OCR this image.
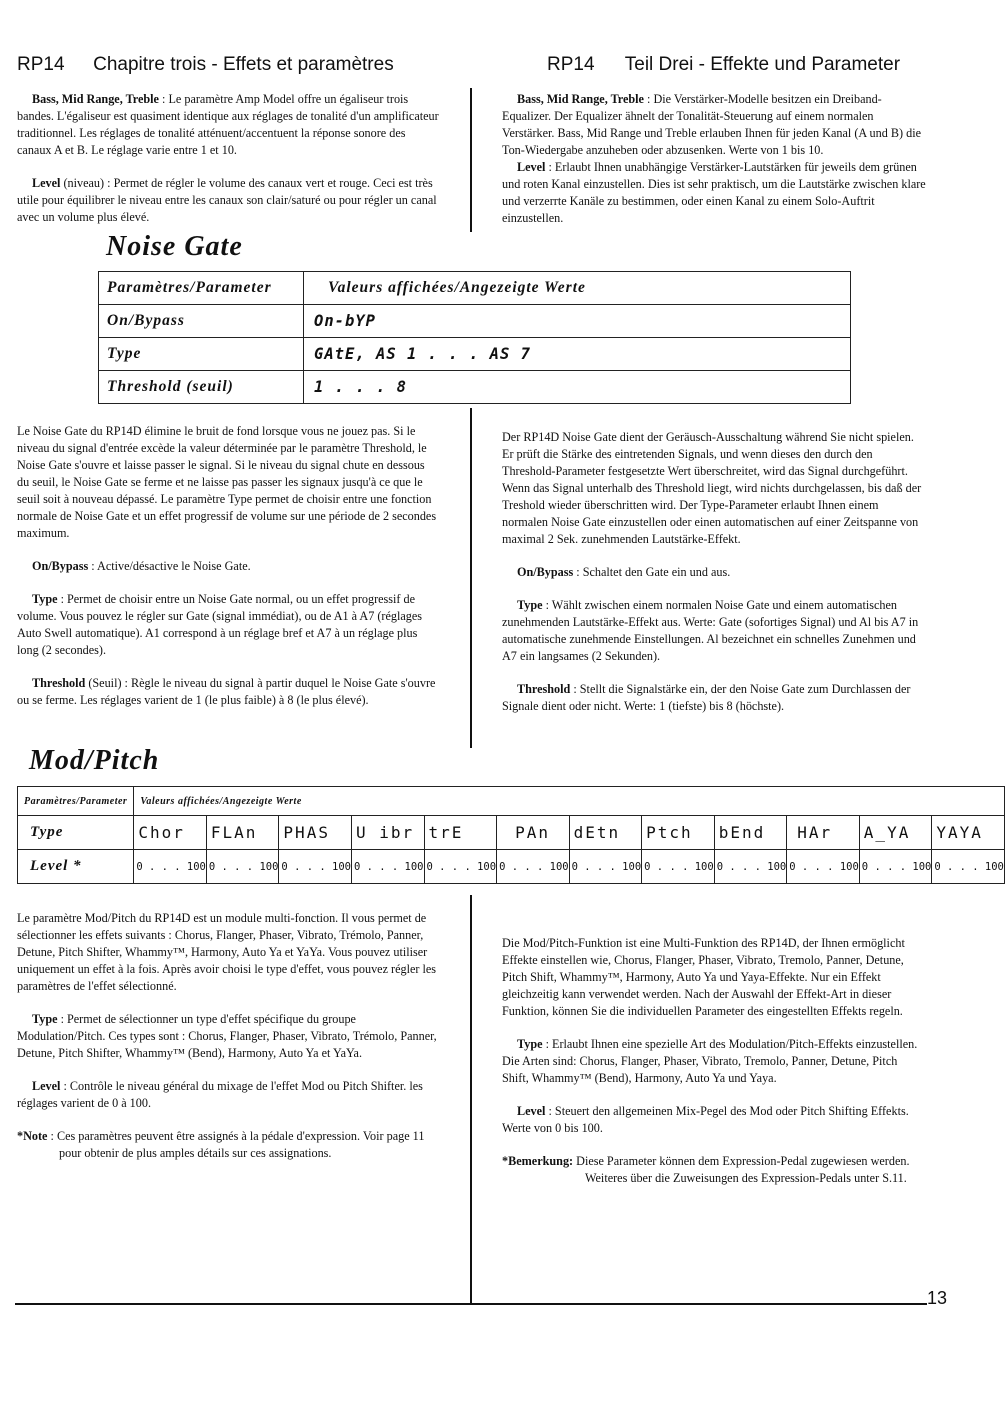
RP14 Chapitre trois - Effets et paramètres	RP14 Teil Drei - Effekte und Parameter

Bass, Mid Range, Treble : Le paramètre Amp Model offre un égaliseur trois bandes. L'égaliseur est quasiment identique aux réglages de tonalité d'un amplificateur traditionnel. Les réglages de tonalité atténuent/accentuent la réponse sonore des canaux A et B. Le réglage varie entre 1 et 10.

Level (niveau) : Permet de régler le volume des canaux vert et rouge. Ceci est très utile pour équilibrer le niveau entre les canaux son clair/saturé ou pour régler un canal avec un volume plus élevé.

Bass, Mid Range, Treble : Die Verstärker-Modelle besitzen ein Dreiband-Equalizer. Der Equalizer ähnelt der Tonalität-Steuerung auf einem normalen Verstärker. Bass, Mid Range und Treble erlauben Ihnen für jeden Kanal (A und B) die Ton-Wiedergabe anzuheben oder abzusenken. Werte von 1 bis 10.

Level : Erlaubt Ihnen unabhängige Verstärker-Lautstärken für jeweils dem grünen und roten Kanal einzustellen. Dies ist sehr praktisch, um die Lautstärke zwischen klare und verzerrte Kanäle zu bestimmen, oder einen Kanal zu einem Solo-Auftrit einzustellen.

Noise Gate
Paramètres/Parameter	Valeurs affichées/Angezeigte Werte
On/Bypass	On-bYP
Type	GAtE, AS 1 . . . AS 7
Threshold (seuil)	1 . . . 8

Le Noise Gate du RP14D élimine le bruit de fond lorsque vous ne jouez pas. Si le niveau du signal d'entrée excède la valeur déterminée par le paramètre Threshold, le Noise Gate s'ouvre et laisse passer le signal. Si le niveau du signal chute en dessous du seuil, le Noise Gate se ferme et ne laisse pas passer les signaux jusqu'à ce que le seuil soit à nouveau dépassé. Le paramètre Type permet de choisir entre une fonction normale de Noise Gate et un effet progressif de volume sur une période de 2 secondes maximum.

On/Bypass : Active/désactive le Noise Gate.

Type : Permet de choisir entre un Noise Gate normal, ou un effet progressif de volume. Vous pouvez le régler sur Gate (signal immédiat), ou de A1 à A7 (réglages Auto Swell automatique). A1 correspond à un réglage bref et A7 à un réglage plus long (2 secondes).

Threshold (Seuil) : Règle le niveau du signal à partir duquel le Noise Gate s'ouvre ou se ferme. Les réglages varient de 1 (le plus faible) à 8 (le plus élevé).

Der RP14D Noise Gate dient der Geräusch-Ausschaltung während Sie nicht spielen. Er prüft die Stärke des eintretenden Signals, und wenn dieses den durch den Threshold-Parameter festgesetzte Wert überschreitet, wird das Signal durchgeführt. Wenn das Signal unterhalb des Threshold liegt, wird nichts durchgelassen, bis daß der Treshold wieder überschritten wird. Der Type-Parameter erlaubt Ihnen einem normalen Noise Gate einzustellen oder einen automatischen auf einer Zeitspanne von maximal 2 Sek. zunehmenden Lautstärke-Effekt.

On/Bypass : Schaltet den Gate ein und aus.

Type : Wählt zwischen einem normalen Noise Gate und einem automatischen zunehmenden Lautstärke-Effekt aus. Werte: Gate (sofortiges Signal) und Al bis A7 in automatische zunehmende Einstellungen. Al bezeichnet ein schnelles Zunehmen und A7 ein langsames (2 Sekunden).

Threshold : Stellt die Signalstärke ein, der den Noise Gate zum Durchlassen der Signale dient oder nicht. Werte: 1 (tiefste) bis 8 (höchste).

Mod/Pitch
Paramètres/Parameter	Valeurs affichées/Angezeigte Werte											
Type	Chor	FLAn	PHAS	U ibr	trE	PAn	dEtn	Ptch	bEnd	HAr	A_YA	YAYA
Level *	0 . . . 100	0 . . . 100	0 . . . 100	0 . . . 100	0 . . . 100	0 . . . 100	0 . . . 100	0 . . . 100	0 . . . 100	0 . . . 100	0 . . . 100	0 . . . 100

Le paramètre Mod/Pitch du RP14D est un module multi-fonction. Il vous permet de sélectionner les effets suivants : Chorus, Flanger, Phaser, Vibrato, Trémolo, Panner, Detune, Pitch Shifter, Whammy™, Harmony, Auto Ya et YaYa. Vous pouvez utiliser uniquement un effet à la fois. Après avoir choisi le type d'effet, vous pouvez régler les paramètres de l'effet sélectionné.

Type : Permet de sélectionner un type d'effet spécifique du groupe Modulation/Pitch. Ces types sont : Chorus, Flanger, Phaser, Vibrato, Trémolo, Panner, Detune, Pitch Shifter, Whammy™ (Bend), Harmony, Auto Ya et YaYa.

Level : Contrôle le niveau général du mixage de l'effet Mod ou Pitch Shifter. les réglages varient de 0 à 100.

*Note : Ces paramètres peuvent être assignés à la pédale d'expression. Voir page 11 pour obtenir de plus amples détails sur ces assignations.

Die Mod/Pitch-Funktion ist eine Multi-Funktion des RP14D, der Ihnen ermöglicht Effekte einstellen wie, Chorus, Flanger, Phaser, Vibrato, Tremolo, Panner, Detune, Pitch Shift, Whammy™, Harmony, Auto Ya und Yaya-Effekte. Nur ein Effekt gleichzeitig kann verwendet werden. Nach der Auswahl der Effekt-Art in dieser Funktion, können Sie die individuellen Parameter des eingestellten Effekts regeln.

Type : Erlaubt Ihnen eine spezielle Art des Modulation/Pitch-Effekts einzustellen. Die Arten sind: Chorus, Flanger, Phaser, Vibrato, Tremolo, Panner, Detune, Pitch Shift, Whammy™ (Bend), Harmony, Auto Ya und Yaya.

Level : Steuert den allgemeinen Mix-Pegel des Mod oder Pitch Shifting Effekts. Werte von 0 bis 100.

*Bemerkung: Diese Parameter können dem Expression-Pedal zugewiesen werden. Weiteres über die Zuweisungen des Expression-Pedals unter S.11.

13
